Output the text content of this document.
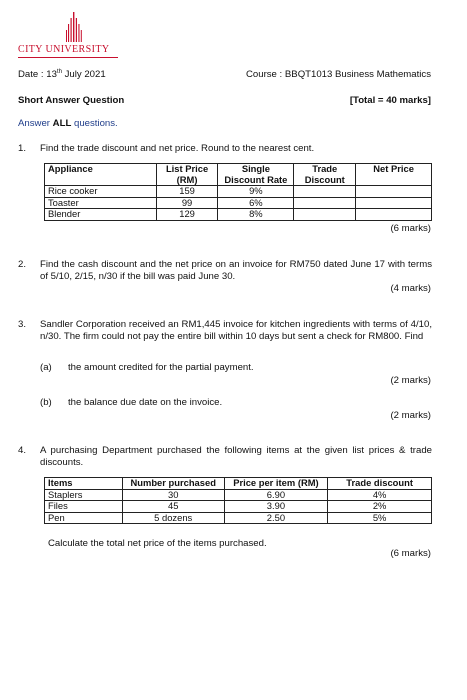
CITY UNIVERSITY
Date : 13th July 2021	Course : BBQT1013 Business Mathematics
Short Answer Question	[Total = 40 marks]
Answer ALL questions.
1. Find the trade discount and net price. Round to the nearest cent.
Appliance	List Price (RM)	Single Discount Rate	Trade Discount	Net Price
Rice cooker	159	9%		
Toaster	99	6%		
Blender	129	8%		
(6 marks)
2. Find the cash discount and the net price on an invoice for RM750 dated June 17 with terms of 5/10, 2/15, n/30 if the bill was paid June 30.
(4 marks)
3. Sandler Corporation received an RM1,445 invoice for kitchen ingredients with terms of 4/10, n/30. The firm could not pay the entire bill within 10 days but sent a check for RM800. Find
(a) the amount credited for the partial payment.
(2 marks)
(b) the balance due date on the invoice.
(2 marks)
4. A purchasing Department purchased the following items at the given list prices & trade discounts.
Items	Number purchased	Price per item (RM)	Trade discount
Staplers	30	6.90	4%
Files	45	3.90	2%
Pen	5 dozens	2.50	5%
Calculate the total net price of the items purchased.
(6 marks)
